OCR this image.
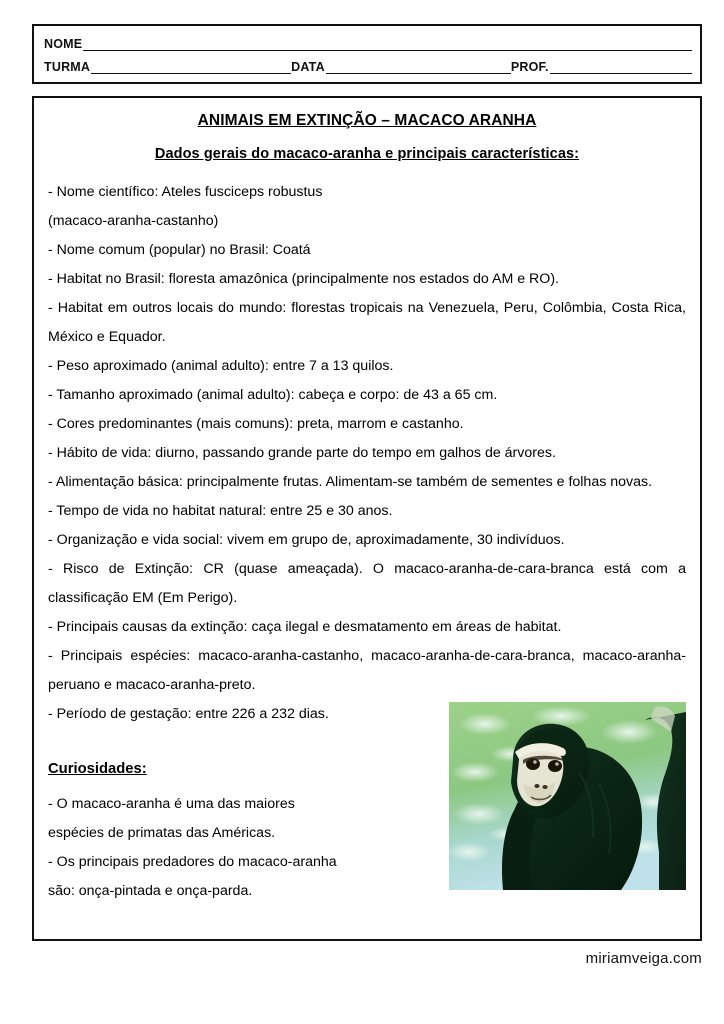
NOME
TURMA	DATA	PROF.
ANIMAIS EM EXTINÇÃO – MACACO ARANHA
Dados gerais do macaco-aranha e principais características:

- Nome científico: Ateles fusciceps robustus

(macaco-aranha-castanho)

- Nome comum (popular) no Brasil: Coatá

- Habitat no Brasil: floresta amazônica (principalmente nos estados do AM e RO).

- Habitat em outros locais do mundo: florestas tropicais na Venezuela, Peru, Colômbia, Costa Rica, México e Equador.

- Peso aproximado (animal adulto): entre 7 a 13 quilos.

- Tamanho aproximado (animal adulto): cabeça e corpo: de 43 a 65 cm.

- Cores predominantes (mais comuns): preta, marrom e castanho.

- Hábito de vida: diurno, passando grande parte do tempo em galhos de árvores.

- Alimentação básica: principalmente frutas. Alimentam-se também de sementes e folhas novas.

- Tempo de vida no habitat natural: entre 25 e 30 anos.

- Organização e vida social: vivem em grupo de, aproximadamente, 30 indivíduos.

- Risco de Extinção: CR (quase ameaçada). O macaco-aranha-de-cara-branca está com a classificação EM (Em Perigo).

- Principais causas da extinção: caça ilegal e desmatamento em áreas de habitat.

- Principais espécies: macaco-aranha-castanho, macaco-aranha-de-cara-branca, macaco-aranha-peruano e macaco-aranha-preto.

- Período de gestação: entre 226 a 232 dias.

Curiosidades:

- O macaco-aranha é uma das maiores

espécies de primatas das Américas.

- Os principais predadores do macaco-aranha

são: onça-pintada e onça-parda.

miriamveiga.com
